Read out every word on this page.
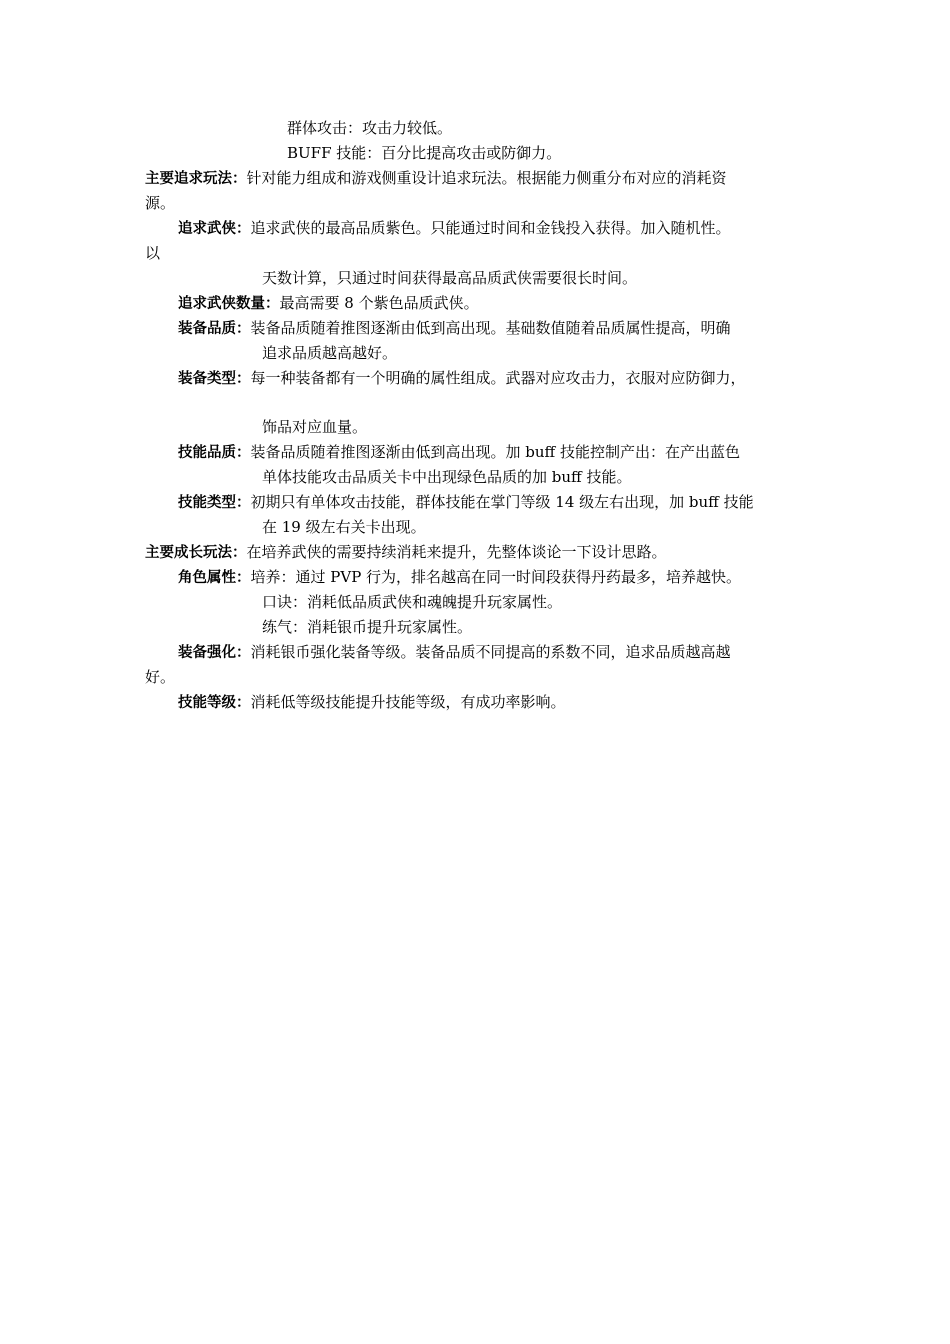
群体攻击：攻击力较低。
BUFF 技能：百分比提高攻击或防御力。
主要追求玩法：针对能力组成和游戏侧重设计追求玩法。根据能力侧重分布对应的消耗资
源。
追求武侠：追求武侠的最高品质紫色。只能通过时间和金钱投入获得。加入随机性。
以
天数计算，只通过时间获得最高品质武侠需要很长时间。
追求武侠数量：最高需要 8 个紫色品质武侠。
装备品质：装备品质随着推图逐渐由低到高出现。基础数值随着品质属性提高，明确
追求品质越高越好。
装备类型：每一种装备都有一个明确的属性组成。武器对应攻击力，衣服对应防御力，
饰品对应血量。
技能品质：装备品质随着推图逐渐由低到高出现。加 buff 技能控制产出：在产出蓝色
单体技能攻击品质关卡中出现绿色品质的加 buff 技能。
技能类型：初期只有单体攻击技能，群体技能在掌门等级 14 级左右出现，加 buff 技能
在 19 级左右关卡出现。
主要成长玩法：在培养武侠的需要持续消耗来提升，先整体谈论一下设计思路。
角色属性：培养：通过 PVP 行为，排名越高在同一时间段获得丹药最多，培养越快。
口诀：消耗低品质武侠和魂魄提升玩家属性。
练气：消耗银币提升玩家属性。
装备强化：消耗银币强化装备等级。装备品质不同提高的系数不同，追求品质越高越
好。
技能等级：消耗低等级技能提升技能等级，有成功率影响。
